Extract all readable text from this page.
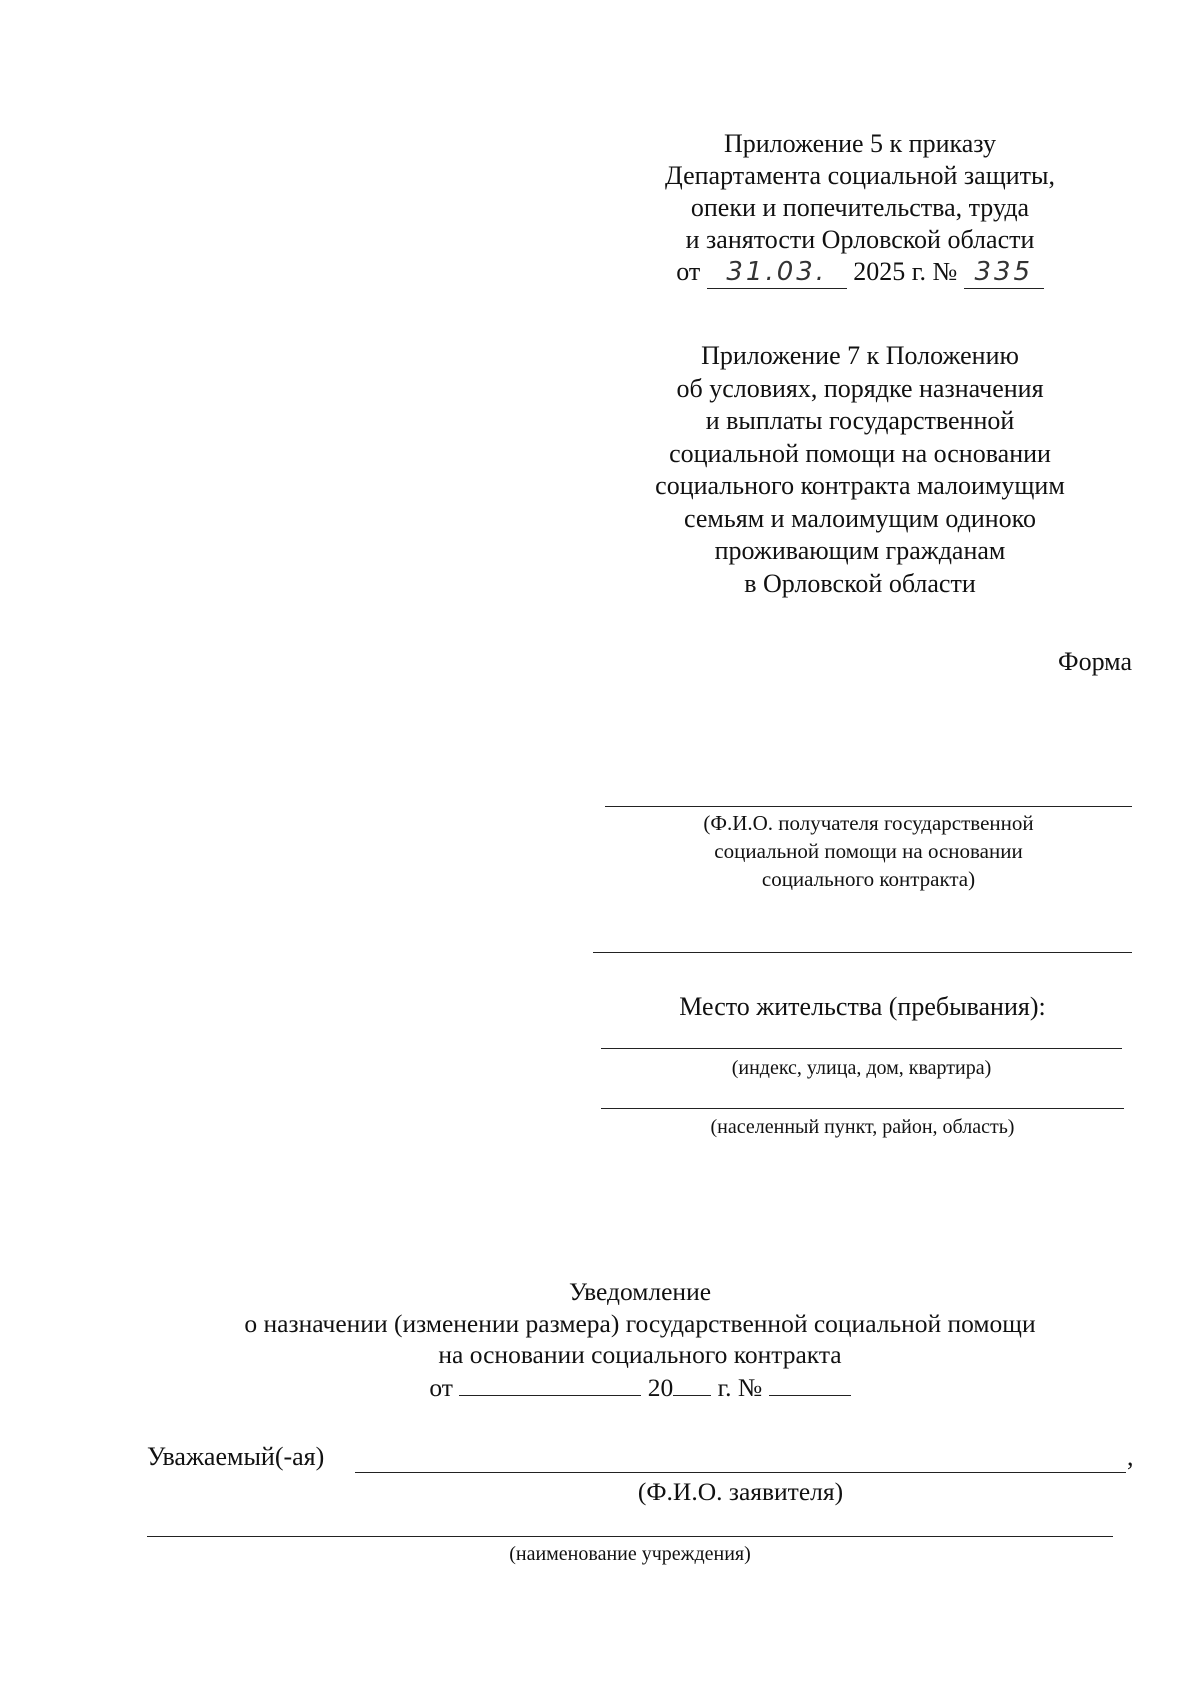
Приложение 5 к приказу
Департамента социальной защиты,
опеки и попечительства, труда
и занятости Орловской области
от 31.03. 2025 г. № 335
Приложение 7 к Положению
об условиях, порядке назначения
и выплаты государственной
социальной помощи на основании
социального контракта малоимущим
семьям и малоимущим одиноко
проживающим гражданам
в Орловской области
Форма
(Ф.И.О. получателя государственной
социальной помощи на основании
социального контракта)
Место жительства (пребывания):
(индекс, улица, дом, квартира)
(населенный пункт, район, область)
Уведомление
о назначении (изменении размера) государственной социальной помощи
на основании социального контракта
от	20 г. №
Уважаемый(-ая)	,
(Ф.И.О. заявителя)
(наименование учреждения)
